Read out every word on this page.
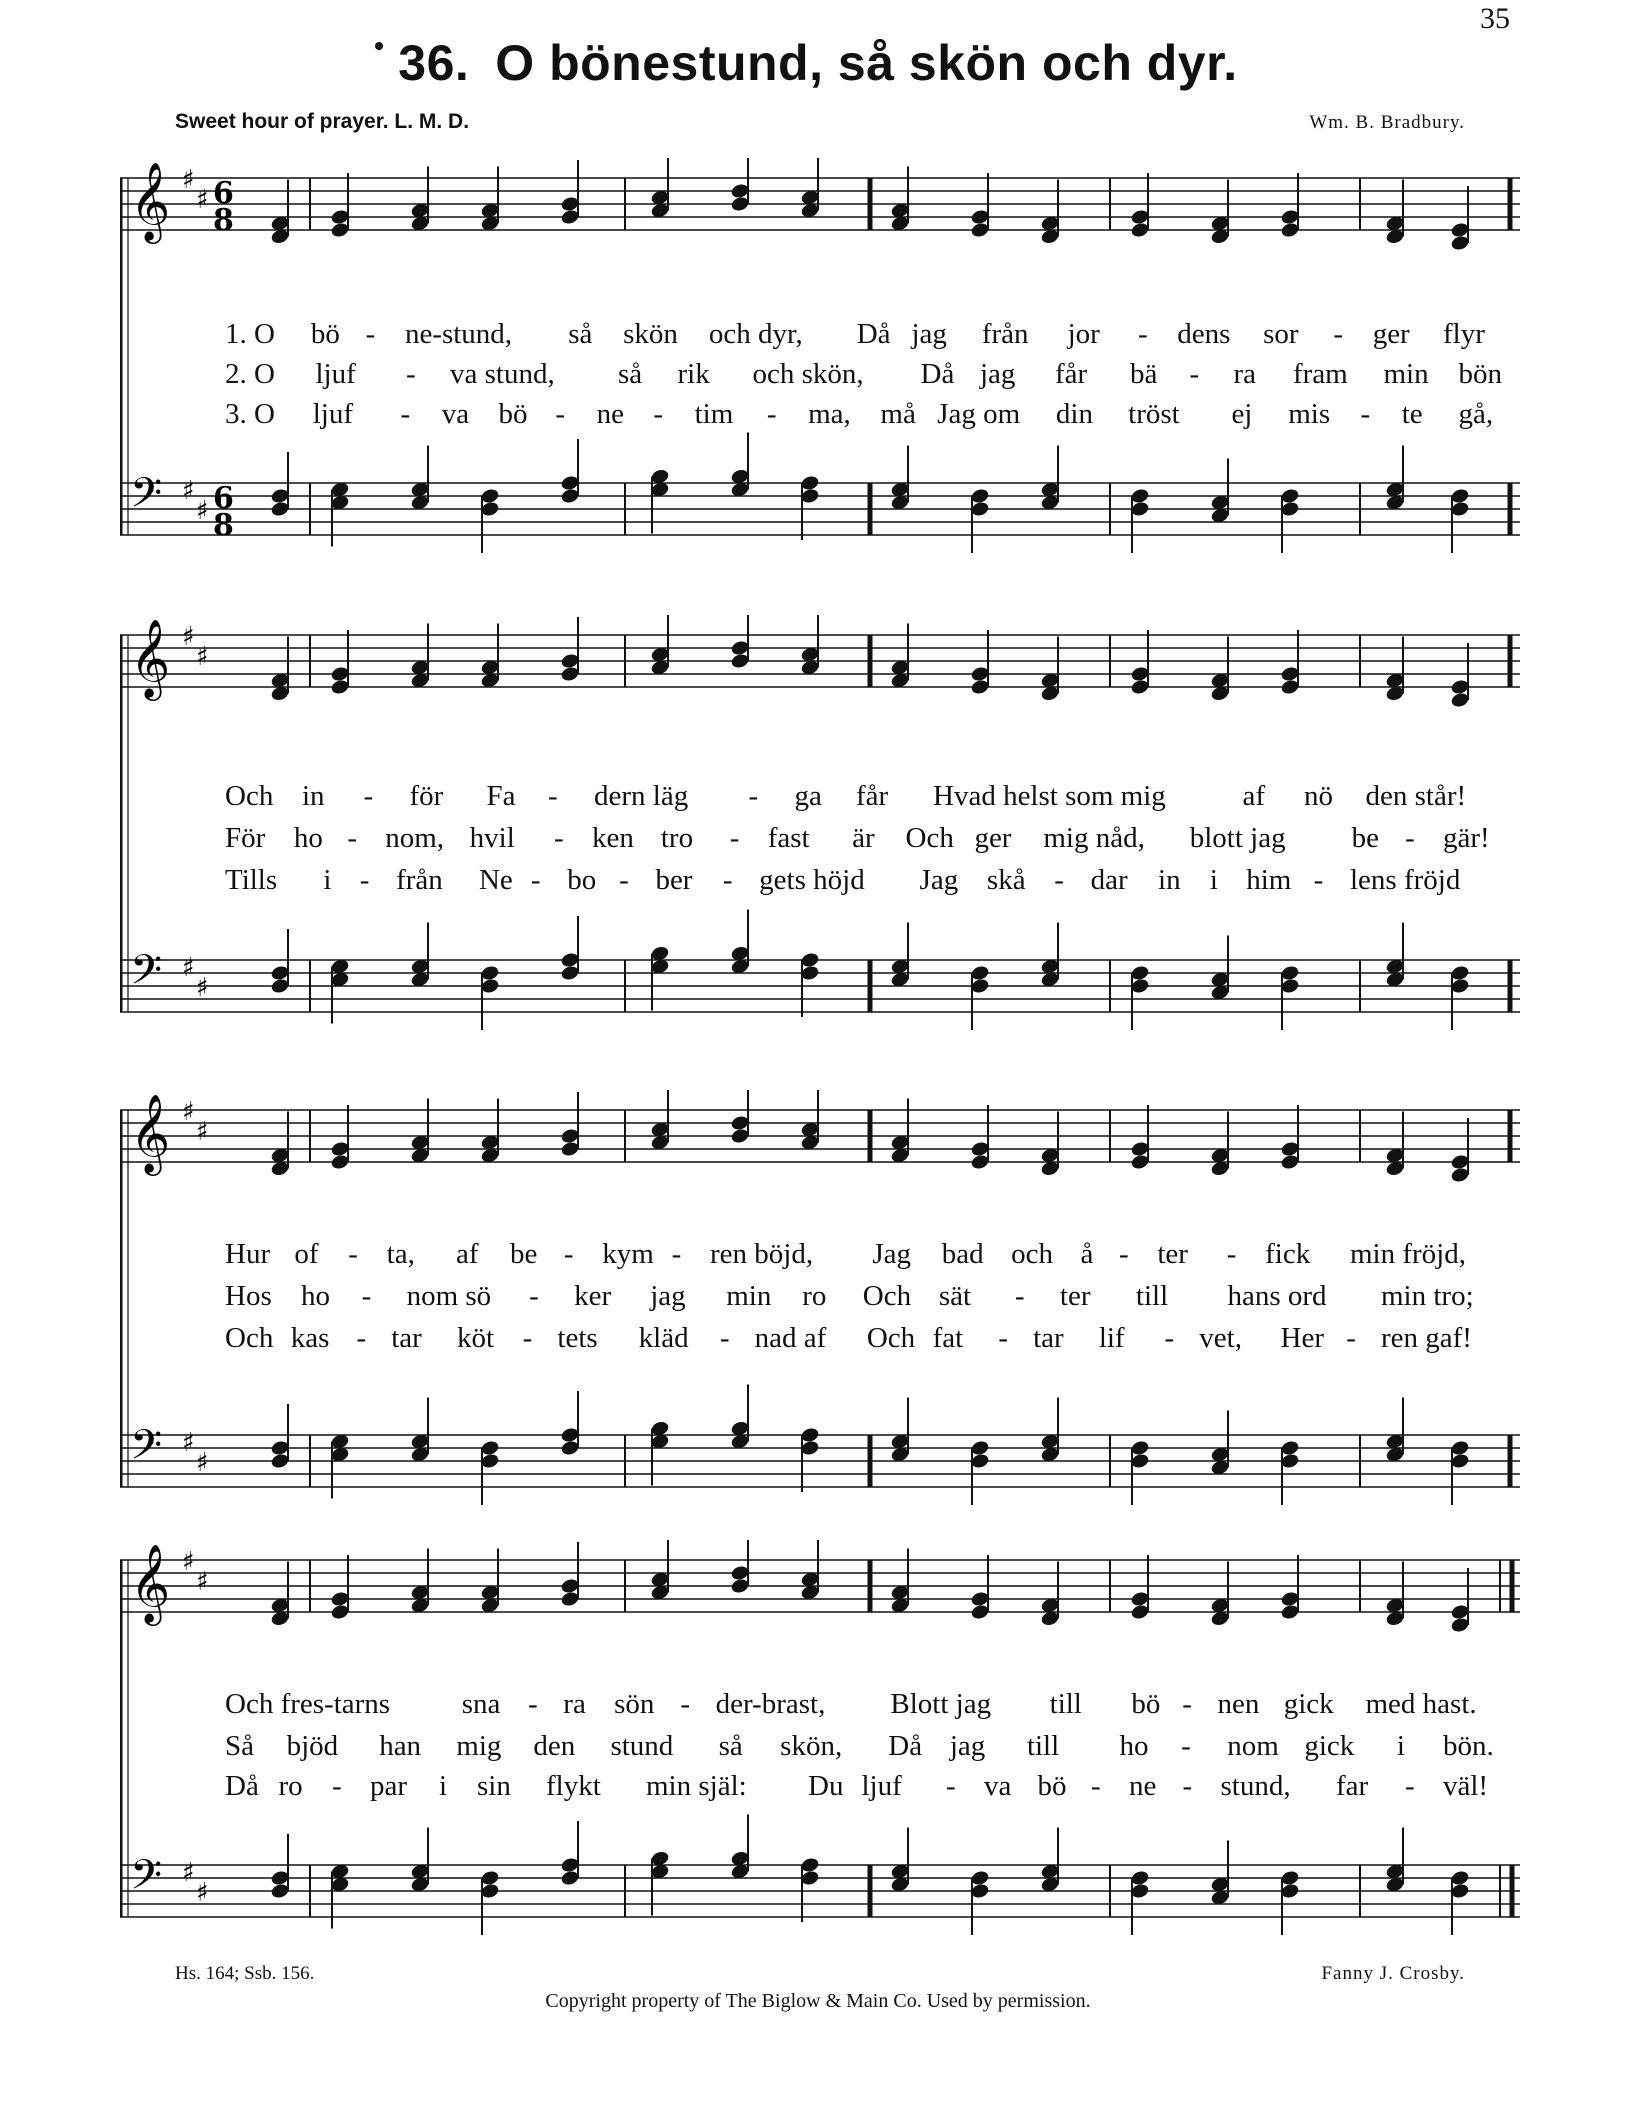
35
36. O bönestund, så skön och dyr.
Sweet hour of prayer. L. M. D.	Wm. B. Bradbury.
𝄞 ♯
♯ 6
8
𝄢 ♯
♯ 6
8
𝄞 ♯
♯
𝄢 ♯
♯
𝄞 ♯
♯
𝄢 ♯
♯
𝄞 ♯
♯
𝄢 ♯
♯
1. O bö - ne-stund, så skön och dyr, Då jag från jor - dens sor - ger flyr
2. O ljuf - va stund, så rik och skön, Då jag får bä - ra fram min bön
3. O ljuf - va bö - ne - tim - ma, må Jag om din tröst ej mis - te gå,
Och in - för Fa - dern läg - ga får Hvad helst som mig	af nö den står!
För ho - nom, hvil - ken tro - fast är Och ger mig nåd, blott jag be - gär!
Tills i - från Ne - bo - ber - gets höjd Jag skå - dar in i him - lens fröjd
Hur of - ta, af be - kym - ren böjd, Jag bad och å - ter - fick min fröjd,
Hos ho - nom sö - ker jag min ro Och sät - ter till hans ord min tro;
Och kas - tar köt - tets kläd - nad af Och fat - tar lif - vet, Her - ren gaf!
Och fres-tarns sna - ra sön - der-brast, Blott jag till bö - nen gick med hast.
Så bjöd han mig den stund så skön, Då jag till ho - nom gick i bön.
Då ro - par i sin flykt min själ: Du ljuf - va bö - ne - stund, far - väl!
Hs. 164; Ssb. 156.	Fanny J. Crosby.
Copyright property of The Biglow & Main Co. Used by permission.
